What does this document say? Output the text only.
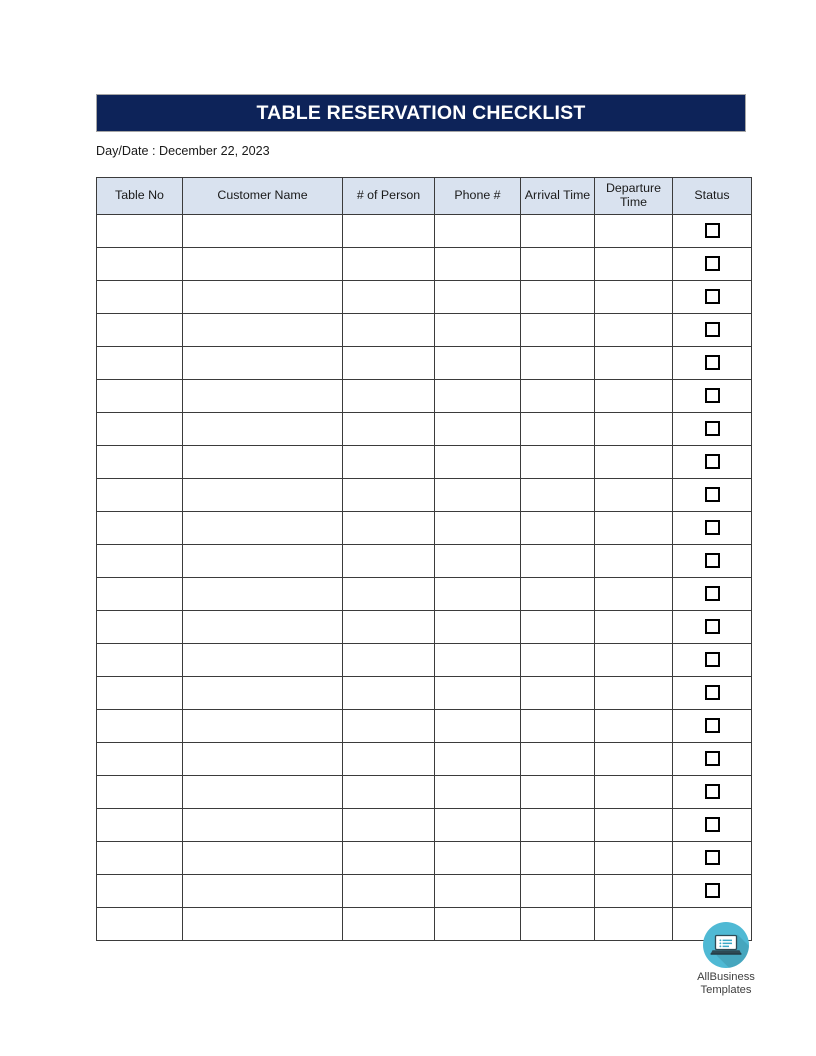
TABLE RESERVATION CHECKLIST
Day/Date : December 22, 2023
Table No	Customer Name	# of Person	Phone #	Arrival Time	Departure Time	Status

AllBusiness
Templates
